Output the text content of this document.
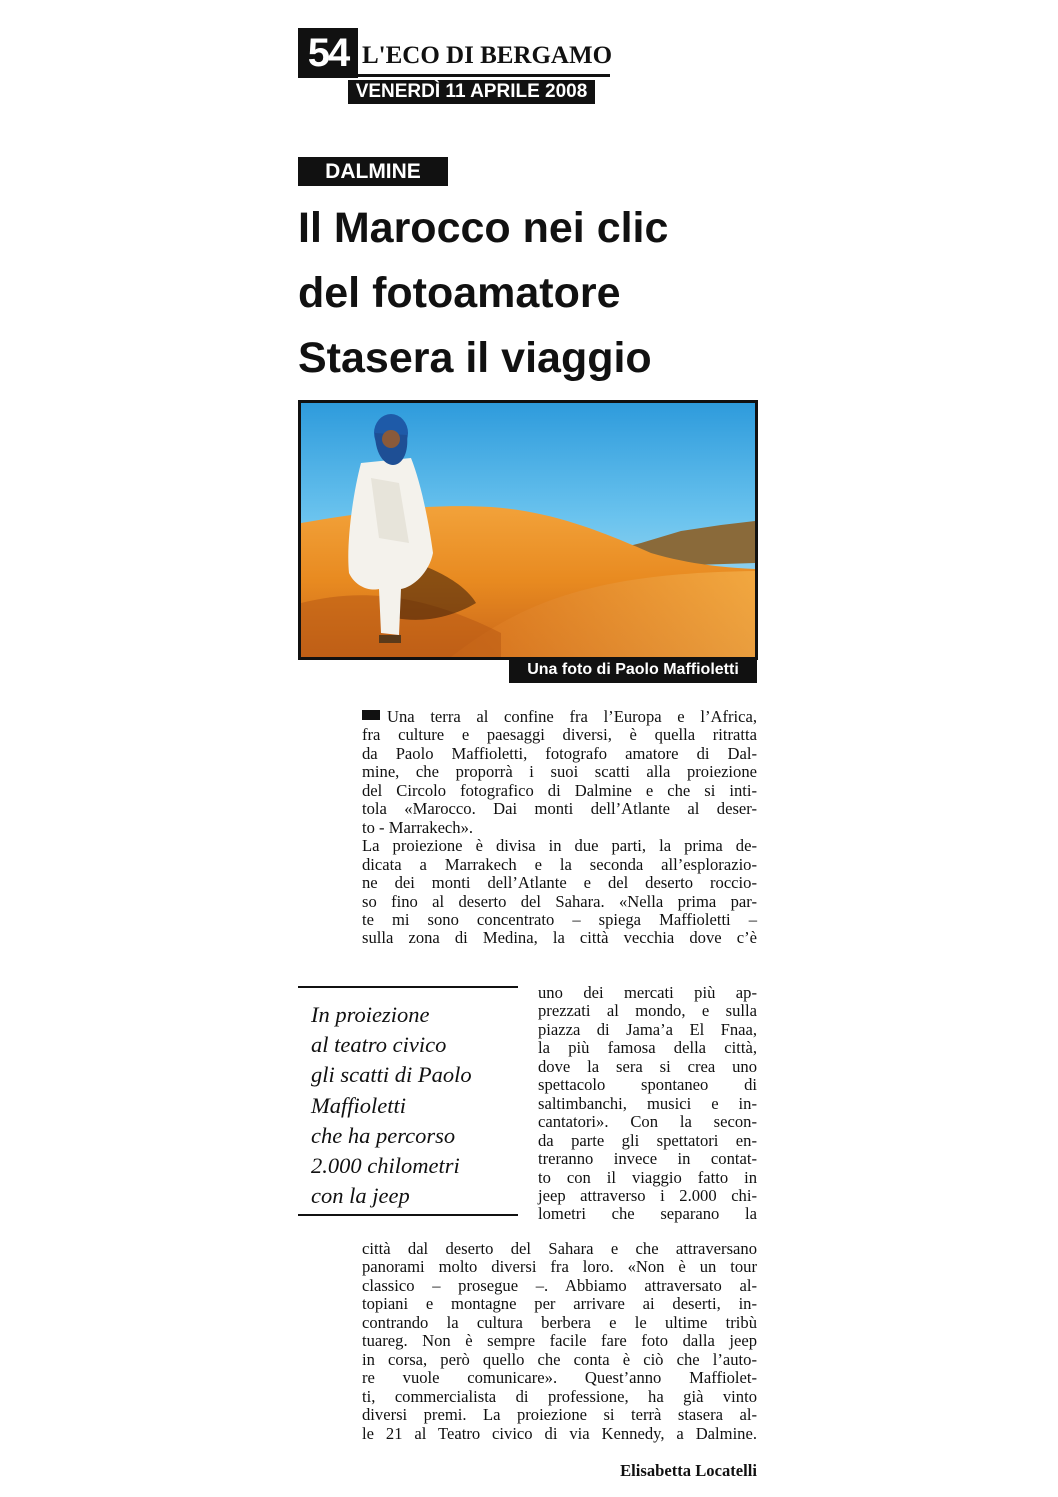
54 L'ECO DI BERGAMO
VENERDÌ 11 APRILE 2008
DALMINE
Il Marocco nei clic
del fotoamatore
Stasera il viaggio
Una foto di Paolo Maffioletti
Una terra al confine fra l’Europa e l’Africa,
fra culture e paesaggi diversi, è quella ritratta
da Paolo Maffioletti, fotografo amatore di Dal-
mine, che proporrà i suoi scatti alla proiezione
del Circolo fotografico di Dalmine e che si inti-
tola «Marocco. Dai monti dell’Atlante al deser-
to - Marrakech».
La proiezione è divisa in due parti, la prima de-
dicata a Marrakech e la seconda all’esplorazio-
ne dei monti dell’Atlante e del deserto roccio-
so fino al deserto del Sahara. «Nella prima par-
te mi sono concentrato – spiega Maffioletti –
sulla zona di Medina, la città vecchia dove c’è
In proiezione
al teatro civico
gli scatti di Paolo
Maffioletti
che ha percorso
2.000 chilometri
con la jeep
uno dei mercati più ap-
prezzati al mondo, e sulla
piazza di Jama’a El Fnaa,
la più famosa della città,
dove la sera si crea uno
spettacolo spontaneo di
saltimbanchi, musici e in-
cantatori». Con la secon-
da parte gli spettatori en-
treranno invece in contat-
to con il viaggio fatto in
jeep attraverso i 2.000 chi-
lometri che separano la
città dal deserto del Sahara e che attraversano
panorami molto diversi fra loro. «Non è un tour
classico – prosegue –. Abbiamo attraversato al-
topiani e montagne per arrivare ai deserti, in-
contrando la cultura berbera e le ultime tribù
tuareg. Non è sempre facile fare foto dalla jeep
in corsa, però quello che conta è ciò che l’auto-
re vuole comunicare». Quest’anno Maffiolet-
ti, commercialista di professione, ha già vinto
diversi premi. La proiezione si terrà stasera al-
le 21 al Teatro civico di via Kennedy, a Dalmine.
Elisabetta Locatelli
